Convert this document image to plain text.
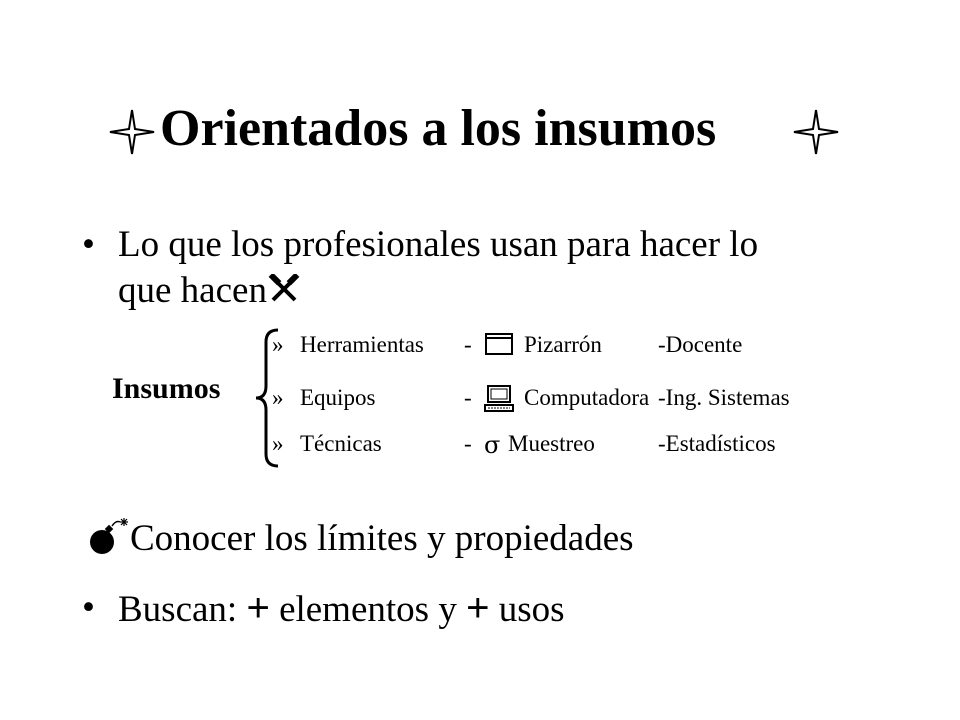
Orientados a los insumos
• Lo que los profesionales usan para hacer lo
que hacen
Insumos
» Herramientas - Pizarrón -Docente
» Equipos	- Computadora -Ing. Sistemas
» Técnicas	- σ Muestreo	-Estadísticos
Conocer los límites y propiedades
• Buscan: + elementos y + usos
